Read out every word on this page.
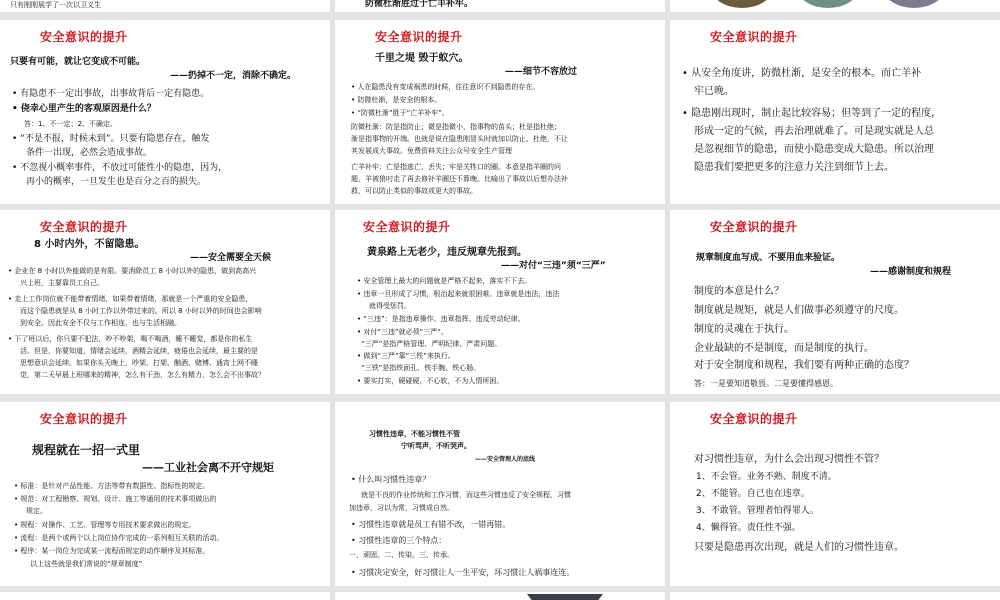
只有刚刚展学了一次以卫义生	防微杜渐胜过于亡羊补牢。
安全意识的提升
只要有可能，就让它变成不可能。
——扔掉不一定，消除不确定。
• 有隐患不一定出事故，出事故背后一定有隐患。
• 侥幸心里产生的客观原因是什么？
答：1、不一定；2、不确定。
• “不是不报，时候未到”。只要有隐患存在，触发
条件一出现，必然会造成事故。
• 不忽视小概率事件，不放过可能性小的隐患，因为，
再小的概率，一旦发生也是百分之百的损失。
安全意识的提升
千里之堤 毁于蚁穴。
——细节不容放过
• 人在隐患没有变成祸患的时候，往往意识不到隐患的存在。
• 防微杜渐，是安全的根本。
• “防微杜渐”胜于“亡羊补牢”。
防微杜渐：防是指防止；微是指微小，指事物的苗头；杜是指杜绝；
渐是指事物的开端。也就是说在隐患刚冒头时就加以防止、杜绝，不让
其发展成大事故。免费资料关注公众号安全生产管理
亡羊补牢：亡是指逃亡，丢失；牢是关牲口的圈。本意是指羊圈的问
题，羊被狼叼走了再去修补羊圈还不算晚。比喻出了事故以后想办法补
救，可以防止类似的事故或更大的事故。
安全意识的提升
• 从安全角度讲，防微杜渐，是安全的根本。而亡羊补
牢已晚。
• 隐患刚出现时，制止起比较容易；但等到了一定的程度，
形成一定的气候，再去治理就难了。可是现实就是人总
是忽视细节的隐患，而使小隐患变成大隐患。所以治理
隐患我们要把更多的注意力关注到细节上去。
安全意识的提升
8 小时内外，不留隐患。
——安全需要全天候
• 企业在 8 小时以外能做的是有限。要消除员工 8 小时以外的隐患，做到高高兴
兴上班，主要靠员工自己。
• 走上工作岗位就不能带着情绪，如果带着情绪，那就是一个严重的安全隐患，
而这个隐患就是从 8 小时工作以外带过来的。所以 8 小时以外的时间也会影响
到安全。因此安全不仅与工作相连，也与生活相融。
• 下了班以后，你只要不犯法，吵不吵架，喝不喝酒，睡不睡觉，都是你的私生
活。但是，你要知道，情绪会延续，酒精会延续，疲倦也会延续，最主要的是
思想意识会延续。如果你头天晚上，吵架、打架、酗酒、赌博、通宵上网不睡
觉，第二天早晨上班哪来的精神，怎么有干劲，怎么有精力，怎么会不出事故？
安全意识的提升
黄泉路上无老少，违反规章先报到。
——对付“三违”须“三严”
• 安全管理上最大的问题就是严格不起来，落实不下去。
• 违章一旦形成了习惯，根治起来就很困难。违章就是违法，违法
就得受惩罚。
• “三违”：是指违章操作、违章指挥、违反劳动纪律。
• 对付“三违”就必须“三严”。
“三严”是指严格管理、严明纪律、严肃问题。
• 做到“三严”靠“三铁”来执行。
“三铁”是指铁面孔、铁手腕、铁心肠。
• 要实打实，硬碰硬，不心软，不为人情所困。
安全意识的提升
规章制度血写成、不要用血来验证。
——感谢制度和规程
制度的本意是什么？
制度就是规矩，就是人们做事必须遵守的尺度。
制度的灵魂在于执行。
企业最缺的不是制度，而是制度的执行。
对于安全制度和规程，我们要有两种正确的态度？
答：一是要知道敬畏。二是要懂得感恩。
安全意识的提升
规程就在一招一式里
——工业社会离不开守规矩
• 标准：是针对产品性能、方法等带有数据性、指标性的规定。
• 规范：对工程勘察、规划、设计、施工等通用的技术事项做出的
规定。
• 规程：对操作、工艺、管理等专用技术要求做出的规定。
• 流程：是两个或两个以上岗位协作完成的一系列相互关联的活动。
• 程序：某一岗位为完成某一流程而规定的动作顺序及其标准。
以上这些就是我们常说的“规章制度”
习惯性违章，不能习惯性不管
宁听骂声，不听哭声。
——安全管理人的底线
• 什么叫习惯性违章？
就是不良的作业传统和工作习惯，而这些习惯违反了安全规程，习惯
加违章，习以为常，习惯成自然。
• 习惯性违章就是员工有错不改，一错再错。
• 习惯性违章的三个特点：
一、顽固。二、传染。三、传承。
• 习惯决定安全，好习惯让人一生平安，坏习惯让人祸事连连。
安全意识的提升
对习惯性违章，为什么会出现习惯性不管？
1、不会管。业务不熟、制度不清。
2、不能管。自己也在违章。
3、不敢管。管理者怕得罪人。
4、懒得管。责任性不强。
只要是隐患再次出现，就是人们的习惯性违章。
